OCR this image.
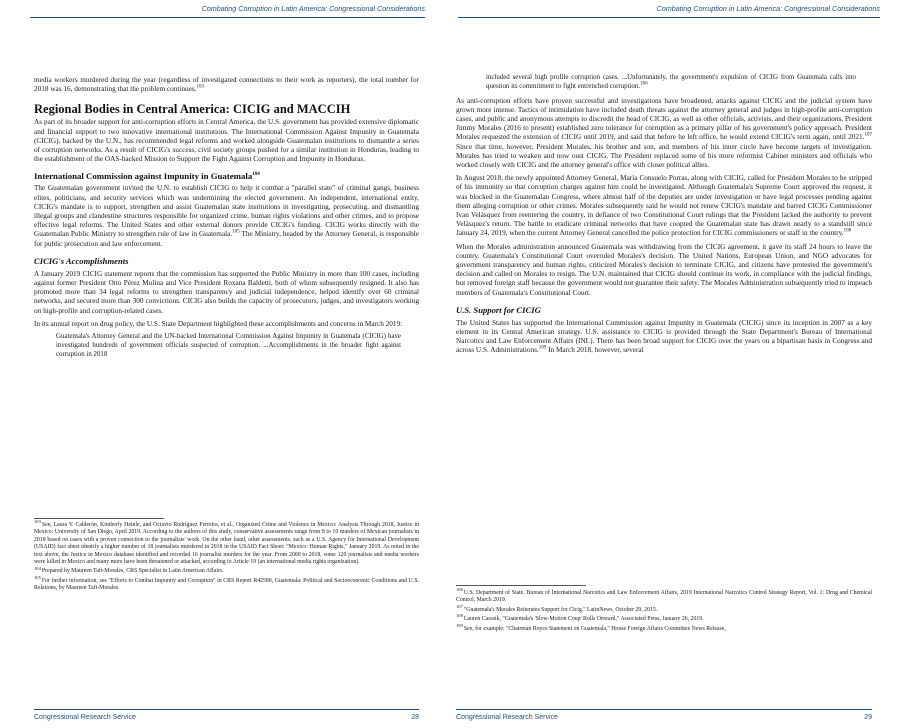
Combating Corruption in Latin America: Congressional Considerations

media workers murdered during the year (regardless of investigated connections to their work as reporters), the total number for 2018 was 16, demonstrating that the problem continues.$^{103}$

Regional Bodies in Central America: CICIG and MACCIH

As part of its broader support for anti-corruption efforts in Central America, the U.S. government has provided extensive diplomatic and financial support to two innovative international institutions. The International Commission Against Impunity in Guatemala (CICIG), backed by the U.N., has recommended legal reforms and worked alongside Guatemalan institutions to dismantle a series of corruption networks. As a result of CICIG's success, civil society groups pushed for a similar institution in Honduras, leading to the establishment of the OAS-backed Mission to Support the Fight Against Corruption and Impunity in Honduras.

International Commission against Impunity in Guatemala$^{104}$

The Guatemalan government invited the U.N. to establish CICIG to help it combat a "parallel state" of criminal gangs, business elites, politicians, and security services which was undermining the elected government. An independent, international entity, CICIG's mandate is to support, strengthen and assist Guatemalan state institutions in investigating, prosecuting, and dismantling illegal groups and clandestine structures responsible for organized crime, human rights violations and other crimes, and to propose effective legal reforms. The United States and other external donors provide CICIG's funding. CICIG works directly with the Guatemalan Public Ministry to strengthen rule of law in Guatemala.$^{105}$ The Ministry, headed by the Attorney General, is responsible for public prosecution and law enforcement.

CICIG's Accomplishments

A January 2019 CICIG statement reports that the commission has supported the Public Ministry in more than 100 cases, including against former President Otto Pérez Molina and Vice President Roxana Baldetti, both of whom subsequently resigned. It also has promoted more than 34 legal reforms to strengthen transparency and judicial independence, helped identify over 60 criminal networks, and secured more than 300 convictions. CICIG also builds the capacity of prosecutors, judges, and investigators working on high-profile and corruption-related cases.

In its annual report on drug policy, the U.S. State Department highlighted these accomplishments and concerns in March 2019:

Guatemala's Attorney General and the UN-backed International Commission Against Impunity in Guatemala (CICIG) have investigated hundreds of government officials suspected of corruption. ...Accomplishments in the broader fight against corruption in 2018
$^{103}$See, Laura Y. Calderón, Kimberly Heinle, and Octavio Rodríguez Ferreira, et al., Organized Crime and Violence in Mexico: Analysis Through 2018, Justice in Mexico: University of San Diego, April 2019. According to the authors of this study, conservative assessments range from 8 to 10 murders of Mexican journalists in 2018 based on cases with a proven connection to the journalists' work. On the other hand, other assessments, such as a U.S. Agency for International Development (USAID) fact sheet identify a higher number of 18 journalists murdered in 2018 in the USAID Fact Sheet: "Mexico: Human Rights," January 2019. As noted in the text above, the Justice in Mexico database identified and recorded 16 journalist murders for the year. From 2000 to 2018, some 120 journalists and media workers were killed in Mexico and many more have been threatened or attacked, according to Article 19 (an international media rights organization).
$^{104}$Prepared by Maureen Taft-Morales, CRS Specialist in Latin American Affairs.
$^{105}$For further information, see "Efforts to Combat Impunity and Corruption" in CRS Report R42580, Guatemala: Political and Socioeconomic Conditions and U.S. Relations, by Maureen Taft-Morales.
Congressional Research Service	28
Combating Corruption in Latin America: Congressional Considerations
included several high profile corruption cases. ...Unfortunately, the government's expulsion of CICIG from Guatemala calls into question its commitment to fight entrenched corruption.$^{106}$

As anti-corruption efforts have proven successful and investigations have broadened, attacks against CICIG and the judicial system have grown more intense. Tactics of intimidation have included death threats against the attorney general and judges in high-profile anti-corruption cases, and public and anonymous attempts to discredit the head of CICIG, as well as other officials, activists, and their organizations. President Jimmy Morales (2016 to present) established zero tolerance for corruption as a primary pillar of his government's policy approach. President Morales requested the extension of CICIG until 2019, and said that before he left office, he would extend CICIG's term again, until 2021.$^{107}$ Since that time, however, President Morales, his brother and son, and members of his inner circle have become targets of investigation. Morales has tried to weaken and now oust CICIG. The President replaced some of his more reformist Cabinet ministers and officials who worked closely with CICIG and the attorney general's office with closer political allies.

In August 2018, the newly appointed Attorney General, María Consuelo Porras, along with CICIG, called for President Morales to be stripped of his immunity so that corruption charges against him could be investigated. Although Guatemala's Supreme Court approved the request, it was blocked in the Guatemalan Congress, where almost half of the deputies are under investigation or have legal processes pending against them alleging corruption or other crimes. Morales subsequently said he would not renew CICIG's mandate and barred CICIG Commissioner Ivan Velásquez from reentering the country, in defiance of two Constitutional Court rulings that the President lacked the authority to prevent Velásquez's return. The battle to eradicate criminal networks that have coopted the Guatemalan state has drawn nearly to a standstill since January 24, 2019, when the current Attorney General cancelled the police protection for CICIG commissioners or staff in the country.$^{108}$

When the Morales administration announced Guatemala was withdrawing from the CICIG agreement, it gave its staff 24 hours to leave the country. Guatemala's Constitutional Court overruled Morales's decision. The United Nations, European Union, and NGO advocates for government transparency and human rights, criticized Morales's decision to terminate CICIG, and citizens have protested the government's decision and called on Morales to resign. The U.N. maintained that CICIG should continue its work, in compliance with the judicial findings, but removed foreign staff because the government would not guarantee their safety. The Morales Administration subsequently tried to impeach members of Guatemala's Constitutional Court.

U.S. Support for CICIG

The United States has supported the International Commission against Impunity in Guatemala (CICIG) since its inception in 2007 as a key element in its Central American strategy. U.S. assistance to CICIG is provided through the State Department's Bureau of International Narcotics and Law Enforcement Affairs (INL). There has been broad support for CICIG over the years on a bipartisan basis in Congress and across U.S. Administrations.$^{109}$ In March 2018, however, several

$^{106}$U.S. Department of State, Bureau of International Narcotics and Law Enforcement Affairs, 2019 International Narcotics Control Strategy Report, Vol. 1: Drug and Chemical Control, March 2019.
$^{107}$"Guatemala's Morales Reiterates Support for Cicig," LatinNews, October 29, 2015.
$^{108}$Lauren Carasik, "Guatemala's 'Slow-Motion Coup' Rolls Onward," Associated Press, January 26, 2019.
$^{109}$See, for example: "Chairman Royce Statement on Guatemala," House Foreign Affairs Committee News Release,
Congressional Research Service	29
